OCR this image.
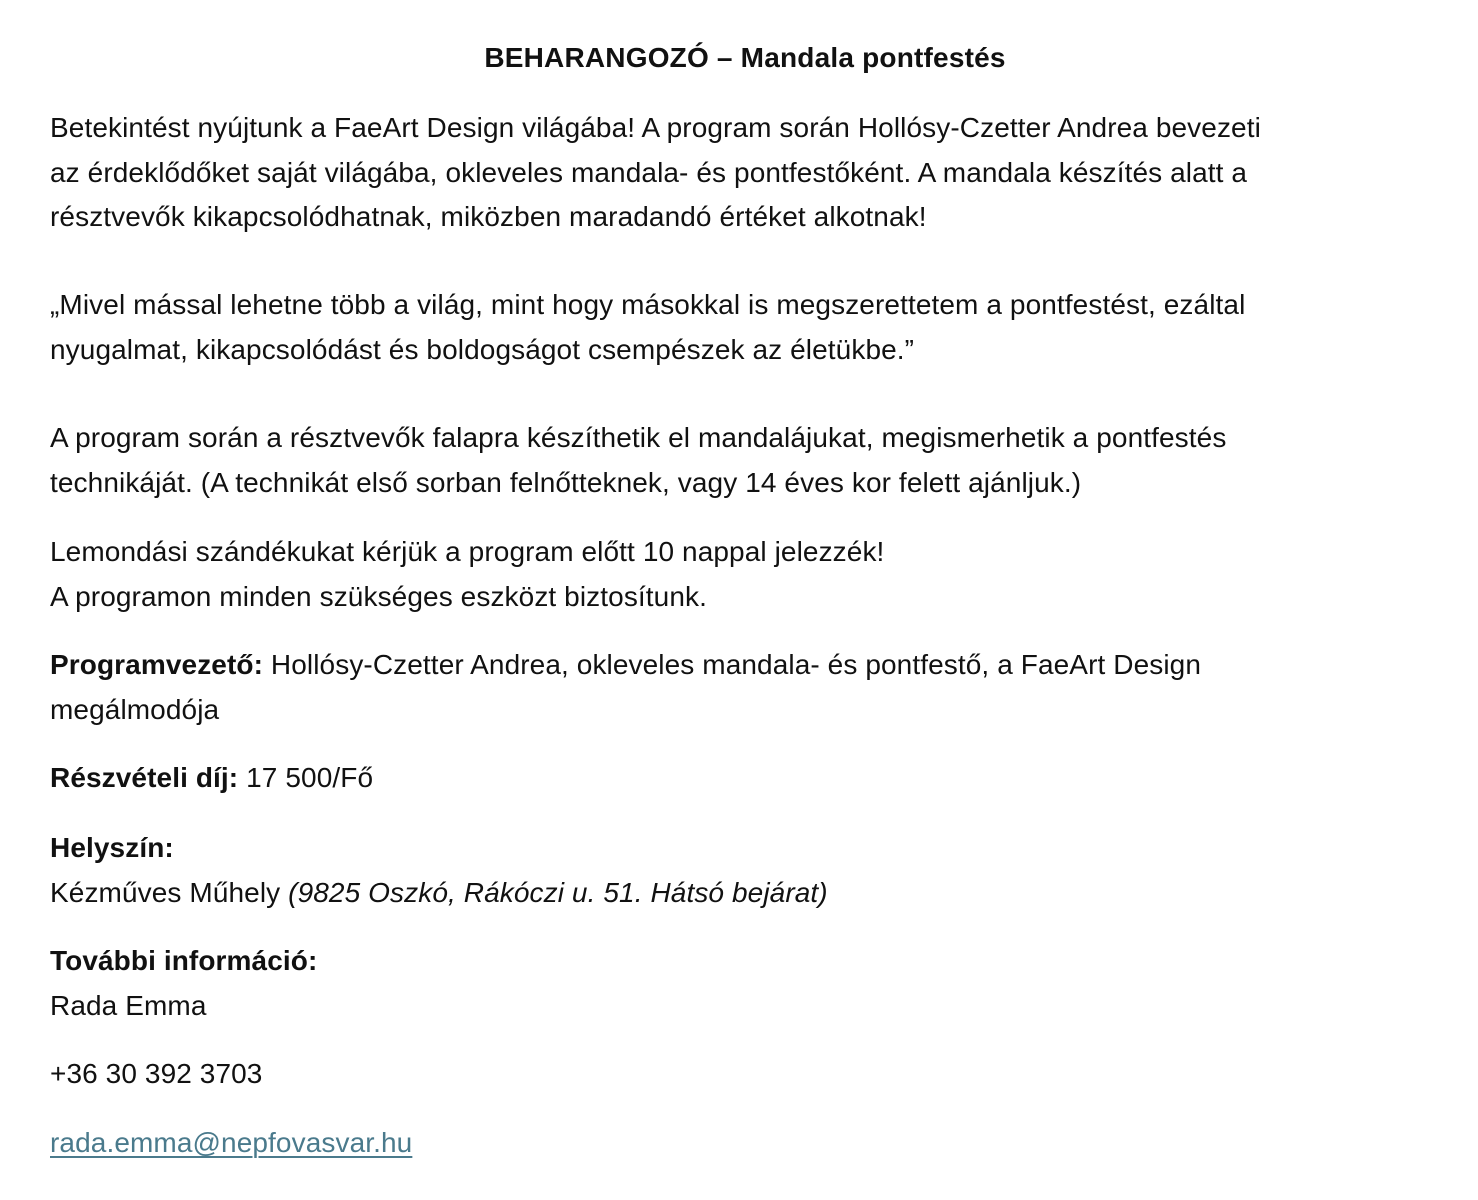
BEHARANGOZÓ – Mandala pontfestés
Betekintést nyújtunk a FaeArt Design világába! A program során Hollósy-Czetter Andrea bevezeti
az érdeklődőket saját világába, okleveles mandala- és pontfestőként. A mandala készítés alatt a
résztvevők kikapcsolódhatnak, miközben maradandó értéket alkotnak!
„Mivel mással lehetne több a világ, mint hogy másokkal is megszerettetem a pontfestést, ezáltal
nyugalmat, kikapcsolódást és boldogságot csempészek az életükbe.”
A program során a résztvevők falapra készíthetik el mandalájukat, megismerhetik a pontfestés
technikáját. (A technikát első sorban felnőtteknek, vagy 14 éves kor felett ajánljuk.)
Lemondási szándékukat kérjük a program előtt 10 nappal jelezzék!
A programon minden szükséges eszközt biztosítunk.
Programvezető: Hollósy-Czetter Andrea, okleveles mandala- és pontfestő, a FaeArt Design
megálmodója
Részvételi díj: 17 500/Fő
Helyszín:
Kézműves Műhely (9825 Oszkó, Rákóczi u. 51. Hátsó bejárat)
További információ:
Rada Emma
+36 30 392 3703
rada.emma@nepfovasvar.hu
